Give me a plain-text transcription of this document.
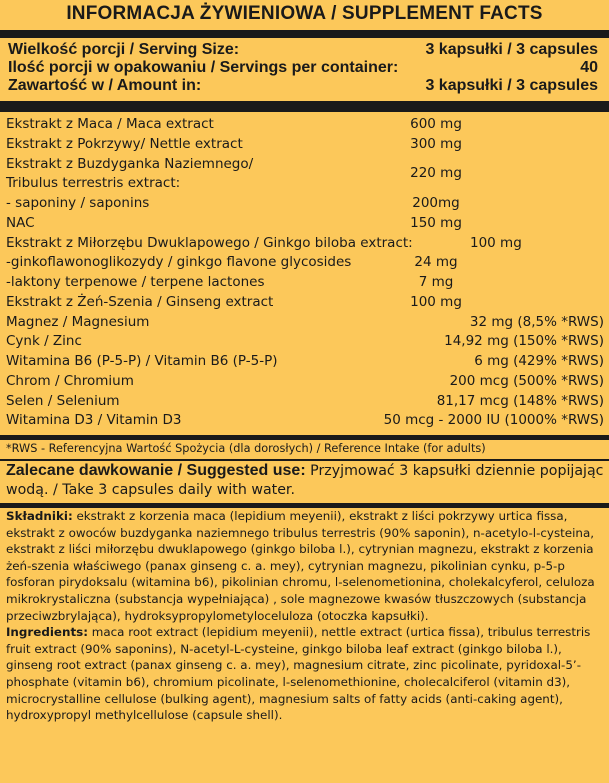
INFORMACJA ŻYWIENIOWA / SUPPLEMENT FACTS
Wielkość porcji / Serving Size:	3 kapsułki / 3 capsules
Ilość porcji w opakowaniu / Servings per container:	40
Zawartość w / Amount in:	3 kapsułki / 3 capsules
Ekstrakt z Maca / Maca extract	600 mg
Ekstrakt z Pokrzywy/ Nettle extract	300 mg
Ekstrakt z Buzdyganka Naziemnego/
Tribulus terrestris extract:
220 mg
- saponiny / saponins	200mg
NAC	150 mg
Ekstrakt z Miłorzębu Dwuklapowego / Ginkgo biloba extract:	100 mg
-ginkoflawonoglikozydy / ginkgo flavone glycosides	24 mg
-laktony terpenowe / terpene lactones	7 mg
Ekstrakt z Żeń-Szenia / Ginseng extract	100 mg
Magnez / Magnesium	32 mg (8,5% *RWS)
Cynk / Zinc	14,92 mg (150% *RWS)
Witamina B6 (P-5-P) / Vitamin B6 (P-5-P)	6 mg (429% *RWS)
Chrom / Chromium	200 mcg (500% *RWS)
Selen / Selenium	81,17 mcg (148% *RWS)
Witamina D3 / Vitamin D3	50 mcg - 2000 IU (1000% *RWS)
*RWS - Referencyjna Wartość Spożycia (dla dorosłych) / Reference Intake (for adults)
Zalecane dawkowanie / Suggested use: Przyjmować 3 kapsułki dziennie popijając wodą. / Take 3 capsules daily with water.

Składniki: ekstrakt z korzenia maca (lepidium meyenii), ekstrakt z liści pokrzywy urtica fissa, ekstrakt z owoców buzdyganka naziemnego tribulus terrestris (90% saponin), n-acetylo-l-cysteina, ekstrakt z liści miłorzębu dwuklapowego (ginkgo biloba l.), cytrynian magnezu, ekstrakt z korzenia żeń-szenia właściwego (panax ginseng c. a. mey), cytrynian magnezu, pikolinian cynku, p-5-p fosforan pirydoksalu (witamina b6), pikolinian chromu, l-selenometionina, cholekalcyferol, celuloza mikrokrystaliczna (substancja wypełniająca) , sole magnezowe kwasów tłuszczowych (substancja przeciwzbrylająca), hydroksypropylometyloceluloza (otoczka kapsułki).

Ingredients: maca root extract (lepidium meyenii), nettle extract (urtica fissa), tribulus terrestris fruit extract (90% saponins), N-acetyl-L-cysteine, ginkgo biloba leaf extract (ginkgo biloba l.), ginseng root extract (panax ginseng c. a. mey), magnesium citrate, zinc picolinate, pyridoxal-5’-phosphate (vitamin b6), chromium picolinate, l-selenomethionine, cholecalciferol (vitamin d3), microcrystalline cellulose (bulking agent), magnesium salts of fatty acids (anti-caking agent), hydroxypropyl methylcellulose (capsule shell).
